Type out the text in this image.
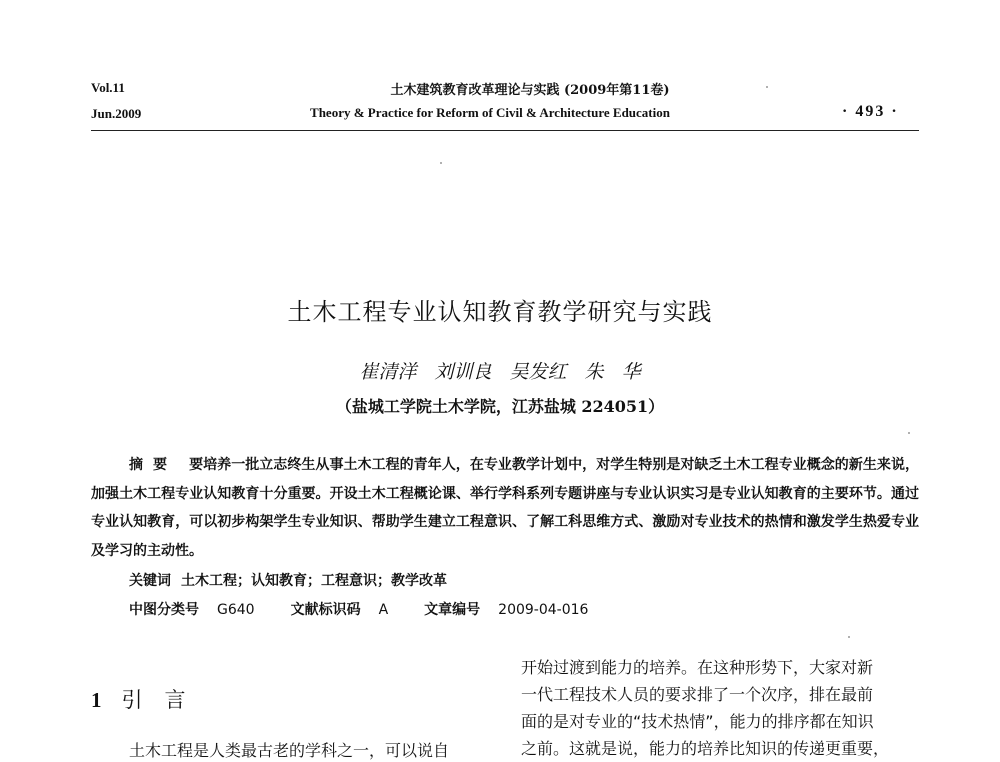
Vol.11
Jun.2009
土木建筑教育改革理论与实践 (2009年第11卷)
Theory & Practice for Reform of Civil & Architecture Education	· 493 ·
土木工程专业认知教育教学研究与实践
崔清洋 刘训良 吴发红 朱 华
（盐城工学院土木学院，江苏盐城 224051）
摘要 要培养一批立志终生从事土木工程的青年人，在专业教学计划中，对学生特别是对缺乏土木工程专业概念的新生来说，加强土木工程专业认知教育十分重要。开设土木工程概论课、举行学科系列专题讲座与专业认识实习是专业认知教育的主要环节。通过专业认知教育，可以初步构架学生专业知识、帮助学生建立工程意识、了解工科思维方式、激励对专业技术的热情和激发学生热爱专业及学习的主动性。
关键词 土木工程；认知教育；工程意识；教学改革
中图分类号 G640	文献标识码 A	文章编号 2009-04-016
1 引言
土木工程是人类最古老的学科之一，可以说自
开始过渡到能力的培养。在这种形势下，大家对新
一代工程技术人员的要求排了一个次序，排在最前
面的是对专业的“技术热情”，能力的排序都在知识
之前。这就是说，能力的培养比知识的传递更重要，
